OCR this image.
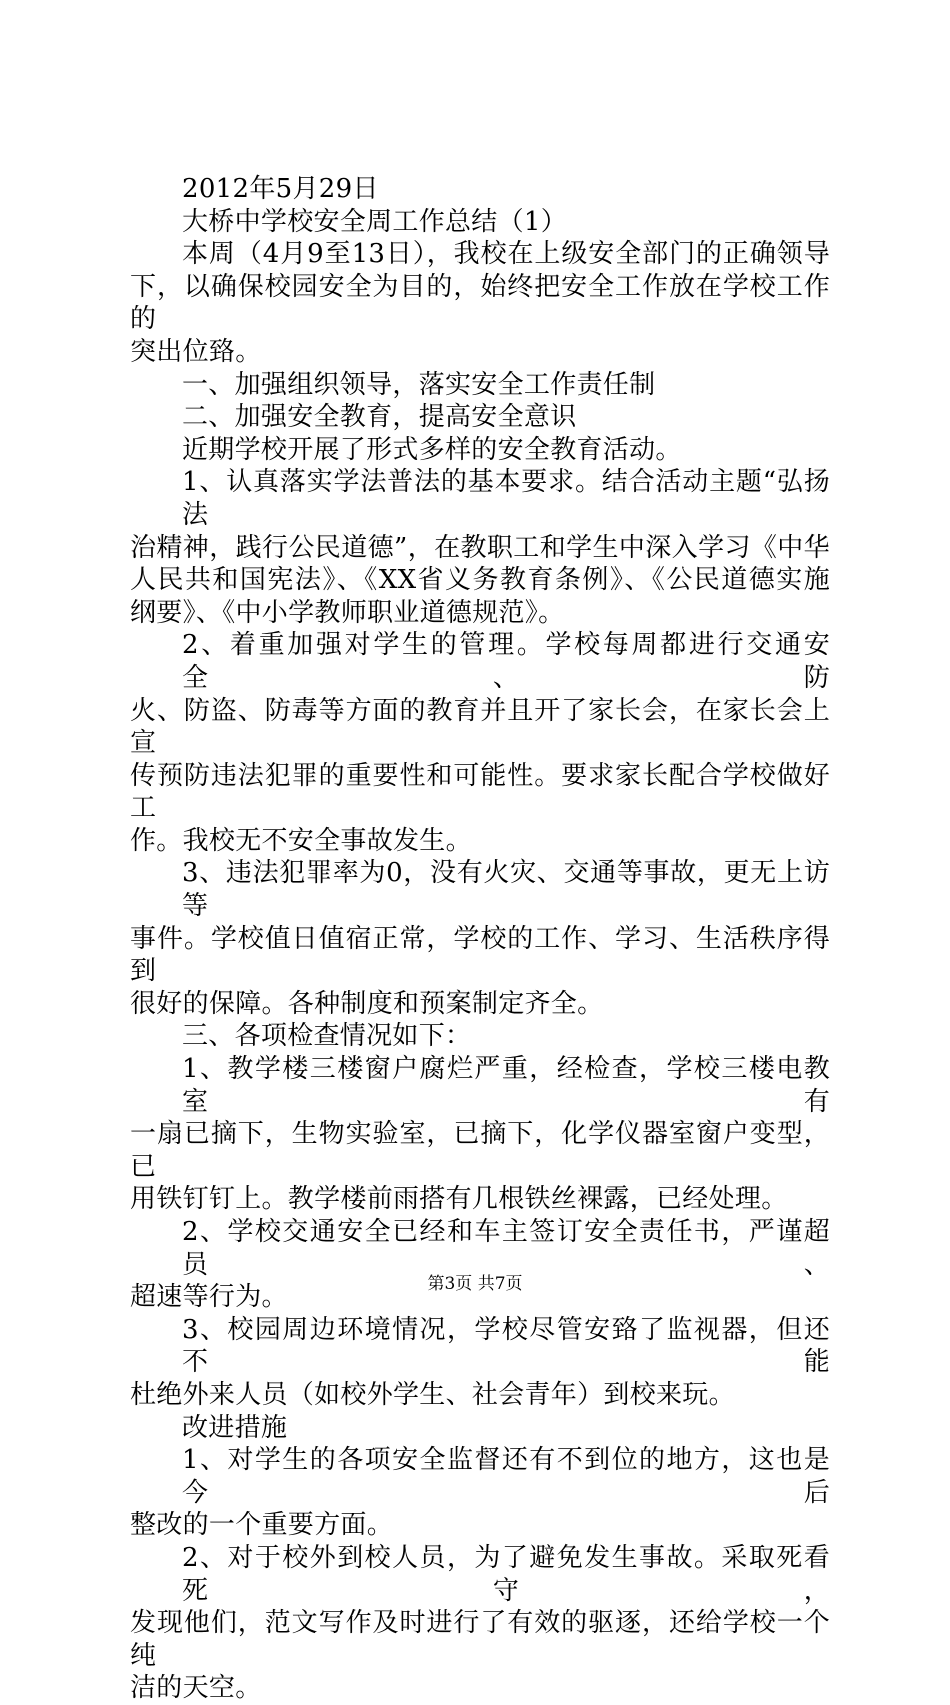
2012年5月29日
大桥中学校安全周工作总结（1）
本周（4月9至13日），我校在上级安全部门的正确领导
下，以确保校园安全为目的，始终把安全工作放在学校工作的
突出位臵。
一、加强组织领导，落实安全工作责任制
二、加强安全教育，提高安全意识
近期学校开展了形式多样的安全教育活动。
1、认真落实学法普法的基本要求。结合活动主题“弘扬法
治精神，践行公民道德”，在教职工和学生中深入学习《中华
人民共和国宪法》、《XX省义务教育条例》、《公民道德实施
纲要》、《中小学教师职业道德规范》。
2、着重加强对学生的管理。学校每周都进行交通安全、防
火、防盗、防毒等方面的教育并且开了家长会，在家长会上宣
传预防违法犯罪的重要性和可能性。要求家长配合学校做好工
作。我校无不安全事故发生。
3、违法犯罪率为0，没有火灾、交通等事故，更无上访等
事件。学校值日值宿正常，学校的工作、学习、生活秩序得到
很好的保障。各种制度和预案制定齐全。
三、各项检查情况如下：
1、教学楼三楼窗户腐烂严重，经检查，学校三楼电教室有
一扇已摘下，生物实验室，已摘下，化学仪器室窗户变型，已
用铁钉钉上。教学楼前雨搭有几根铁丝裸露，已经处理。
2、学校交通安全已经和车主签订安全责任书，严谨超员、
超速等行为。
3、校园周边环境情况，学校尽管安臵了监视器，但还不能
杜绝外来人员（如校外学生、社会青年）到校来玩。
改进措施
1、对学生的各项安全监督还有不到位的地方，这也是今后
整改的一个重要方面。
2、对于校外到校人员，为了避免发生事故。采取死看死守，
发现他们，范文写作及时进行了有效的驱逐，还给学校一个纯
洁的天空。
第3页 共7页
